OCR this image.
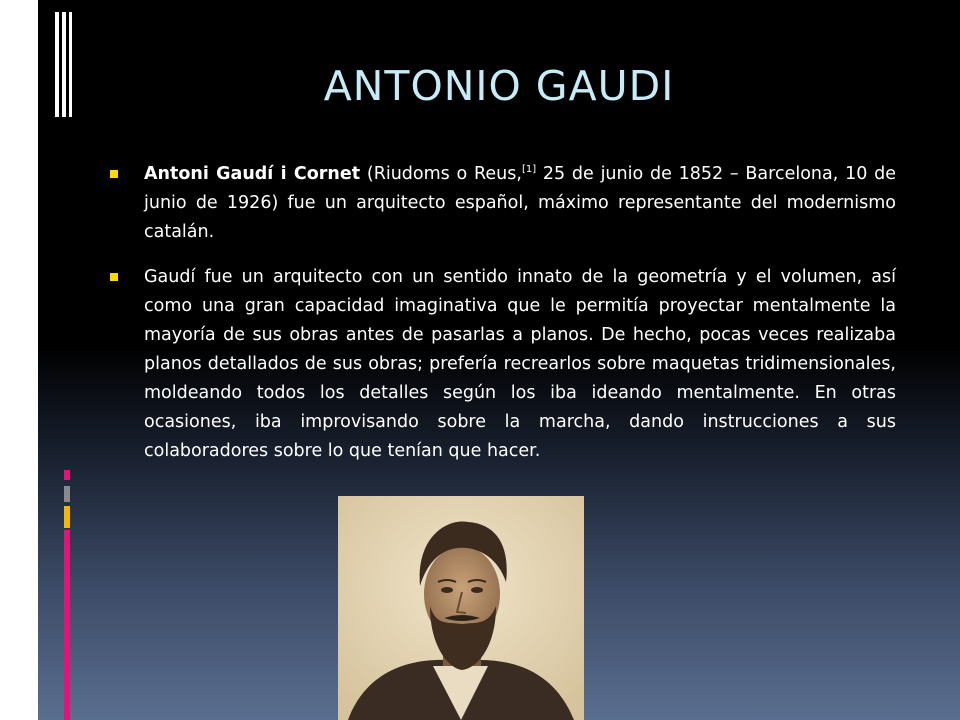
ANTONIO GAUDI
Antoni Gaudí i Cornet (Riudoms o Reus,[1] 25 de junio de 1852 – Barcelona, 10 de junio de 1926) fue un arquitecto español, máximo representante del modernismo catalán.
Gaudí fue un arquitecto con un sentido innato de la geometría y el volumen, así como una gran capacidad imaginativa que le permitía proyectar mentalmente la mayoría de sus obras antes de pasarlas a planos. De hecho, pocas veces realizaba planos detallados de sus obras; prefería recrearlos sobre maquetas tridimensionales, moldeando todos los detalles según los iba ideando mentalmente. En otras ocasiones, iba improvisando sobre la marcha, dando instrucciones a sus colaboradores sobre lo que tenían que hacer.
